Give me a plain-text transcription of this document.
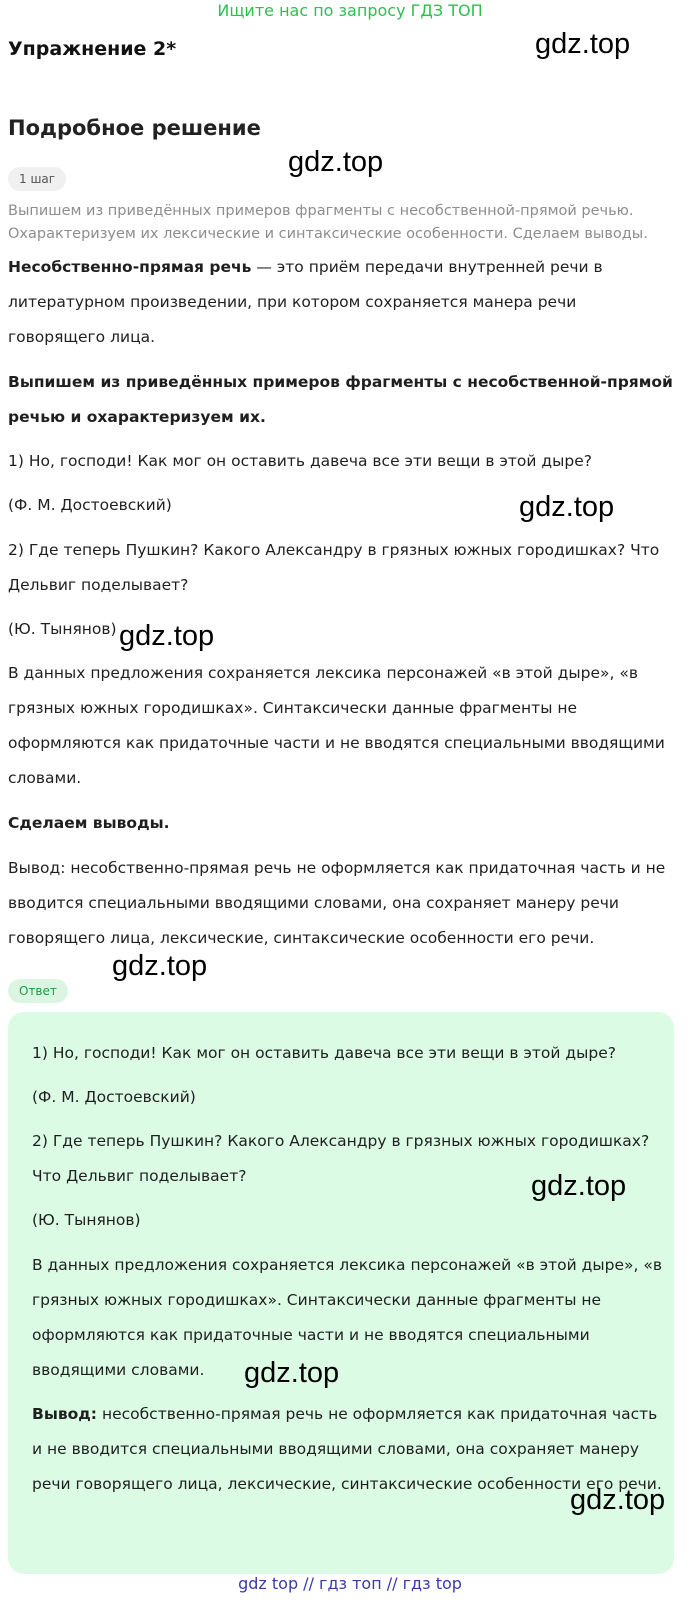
Ищите нас по запросу ГДЗ ТОП
Упражнение 2*	gdz.top
Подробное решение
gdz.top
1 шаг

Выпишем из приведённых примеров фрагменты с несобственной-прямой речью.

Охарактеризуем их лексические и синтаксические особенности. Сделаем выводы.

Несобственно-прямая речь — это приём передачи внутренней речи в литературном произведении, при котором сохраняется манера речи говорящего лица.

Выпишем из приведённых примеров фрагменты с несобственной-прямой речью и охарактеризуем их.

1) Но, господи! Как мог он оставить давеча все эти вещи в этой дыре?

(Ф. М. Достоевский)	gdz.top

2) Где теперь Пушкин? Какого Александру в грязных южных городишках? Что Дельвиг поделывает?

(Ю. Тынянов) gdz.top

В данных предложения сохраняется лексика персонажей «в этой дыре», «в грязных южных городишках». Синтаксически данные фрагменты не оформляются как придаточные части и не вводятся специальными вводящими словами.

Сделаем выводы.

Вывод: несобственно-прямая речь не оформляется как придаточная часть и не вводится специальными вводящими словами, она сохраняет манеру речи говорящего лица, лексические, синтаксические особенности его речи.

gdz.top
Ответ

1) Но, господи! Как мог он оставить давеча все эти вещи в этой дыре?

(Ф. М. Достоевский)

2) Где теперь Пушкин? Какого Александру в грязных южных городишках? Что Дельвиг поделывает?	gdz.top

(Ю. Тынянов)

В данных предложения сохраняется лексика персонажей «в этой дыре», «в грязных южных городишках». Синтаксически данные фрагменты не оформляются как придаточные части и не вводятся специальными вводящими словами.	gdz.top

Вывод: несобственно-прямая речь не оформляется как придаточная часть и не вводится специальными вводящими словами, она сохраняет манеру речи говорящего лица, лексические, синтаксические особенности его речи.

gdz.top
gdz top // гдз топ // гдз top
